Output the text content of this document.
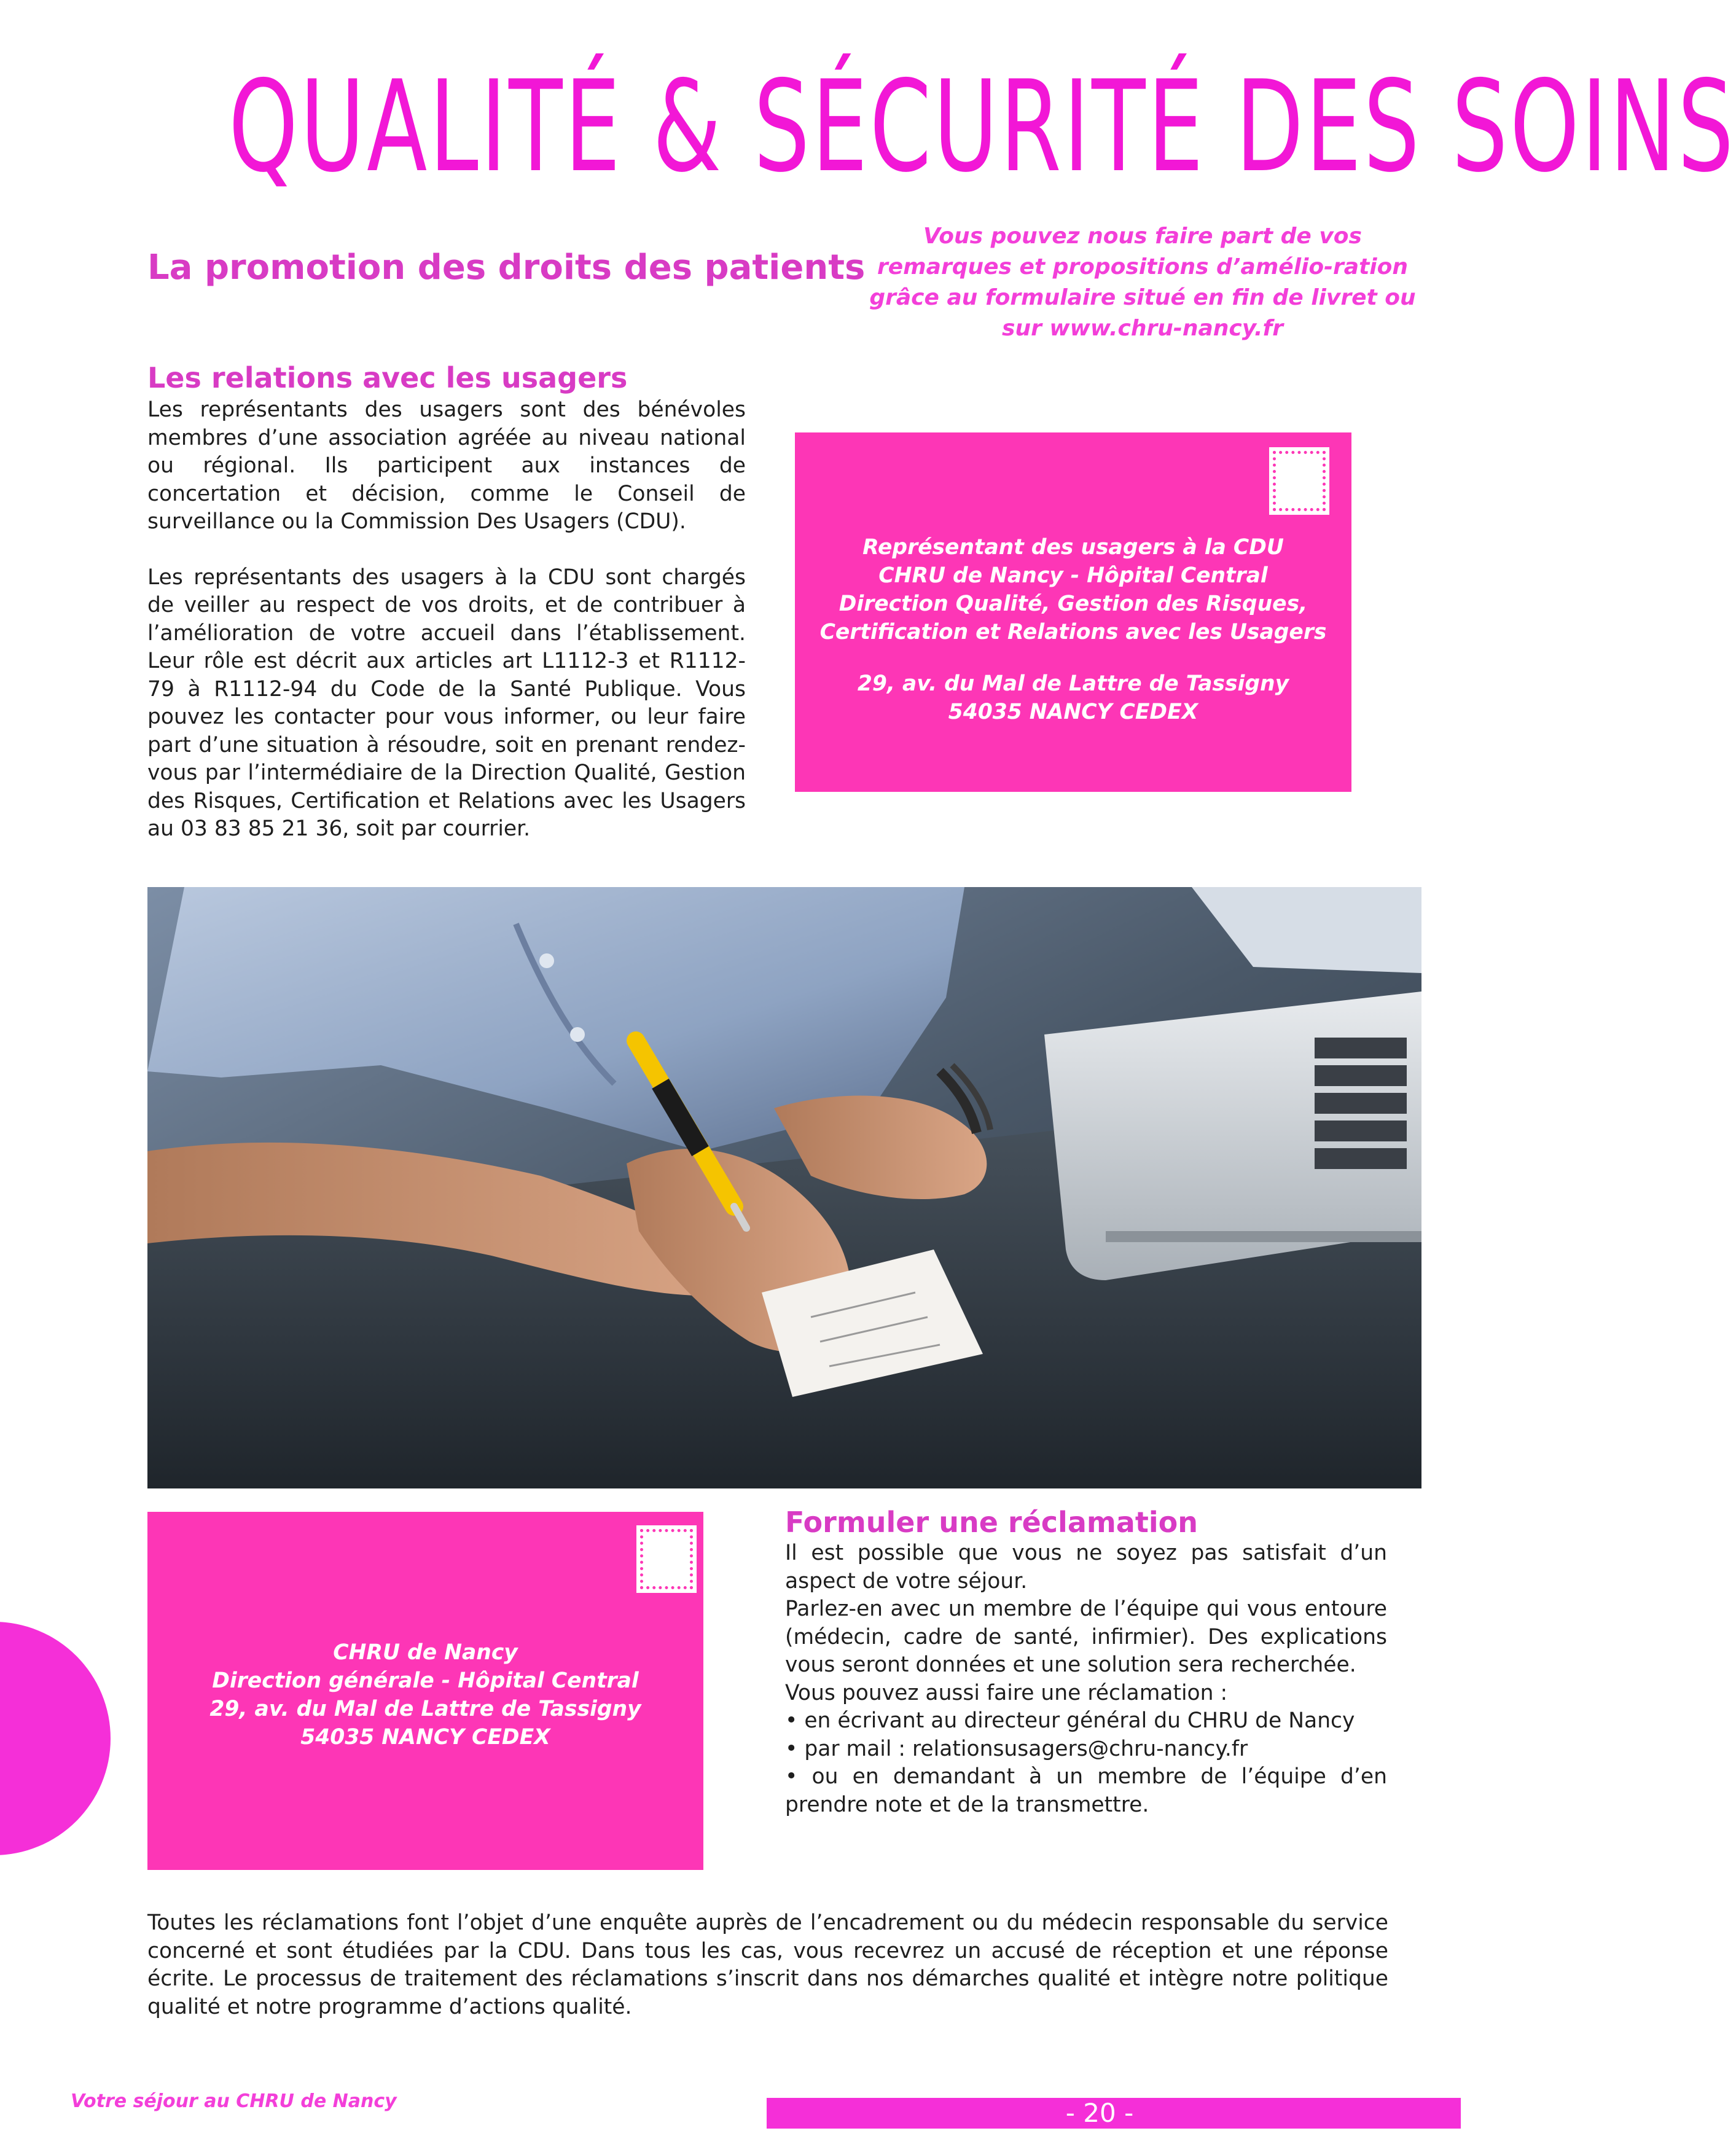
QUALITÉ & SÉCURITÉ DES SOINS
La promotion des droits des patients
Vous pouvez nous faire part de vos remarques et propositions d’amélio-ration grâce au formulaire situé en fin de livret ou sur www.chru-nancy.fr
Les relations avec les usagers

Les représentants des usagers sont des bénévoles membres d’une association agréée au niveau national ou régional. Ils participent aux instances de concertation et décision, comme le Conseil de surveillance ou la Commission Des Usagers (CDU).

Les représentants des usagers à la CDU sont chargés de veiller au respect de vos droits, et de contribuer à l’amélioration de votre accueil dans l’établissement. Leur rôle est décrit aux articles art L1112-3 et R1112-79 à R1112-94 du Code de la Santé Publique. Vous pouvez les contacter pour vous informer, ou leur faire part d’une situation à résoudre, soit en prenant rendez-vous par l’intermédiaire de la Direction Qualité, Gestion des Risques, Certification et Relations avec les Usagers au 03 83 85 21 36, soit par courrier.

Représentant des usagers à la CDU
CHRU de Nancy - Hôpital Central
Direction Qualité, Gestion des Risques,
Certification et Relations avec les Usagers
29, av. du Mal de Lattre de Tassigny
54035 NANCY CEDEX
CHRU de Nancy
Direction générale - Hôpital Central
29, av. du Mal de Lattre de Tassigny
54035 NANCY CEDEX
Formuler une réclamation

Il est possible que vous ne soyez pas satisfait d’un aspect de votre séjour.

Parlez-en avec un membre de l’équipe qui vous entoure (médecin, cadre de santé, infirmier). Des explications vous seront données et une solution sera recherchée.

Vous pouvez aussi faire une réclamation :

• en écrivant au directeur général du CHRU de Nancy

• par mail : relationsusagers@chru-nancy.fr

• ou en demandant à un membre de l’équipe d’en prendre note et de la transmettre.

Toutes les réclamations font l’objet d’une enquête auprès de l’encadrement ou du médecin responsable du service concerné et sont étudiées par la CDU. Dans tous les cas, vous recevrez un accusé de réception et une réponse écrite. Le processus de traitement des réclamations s’inscrit dans nos démarches qualité et intègre notre politique qualité et notre programme d’actions qualité.
Votre séjour au CHRU de Nancy	- 20 -
